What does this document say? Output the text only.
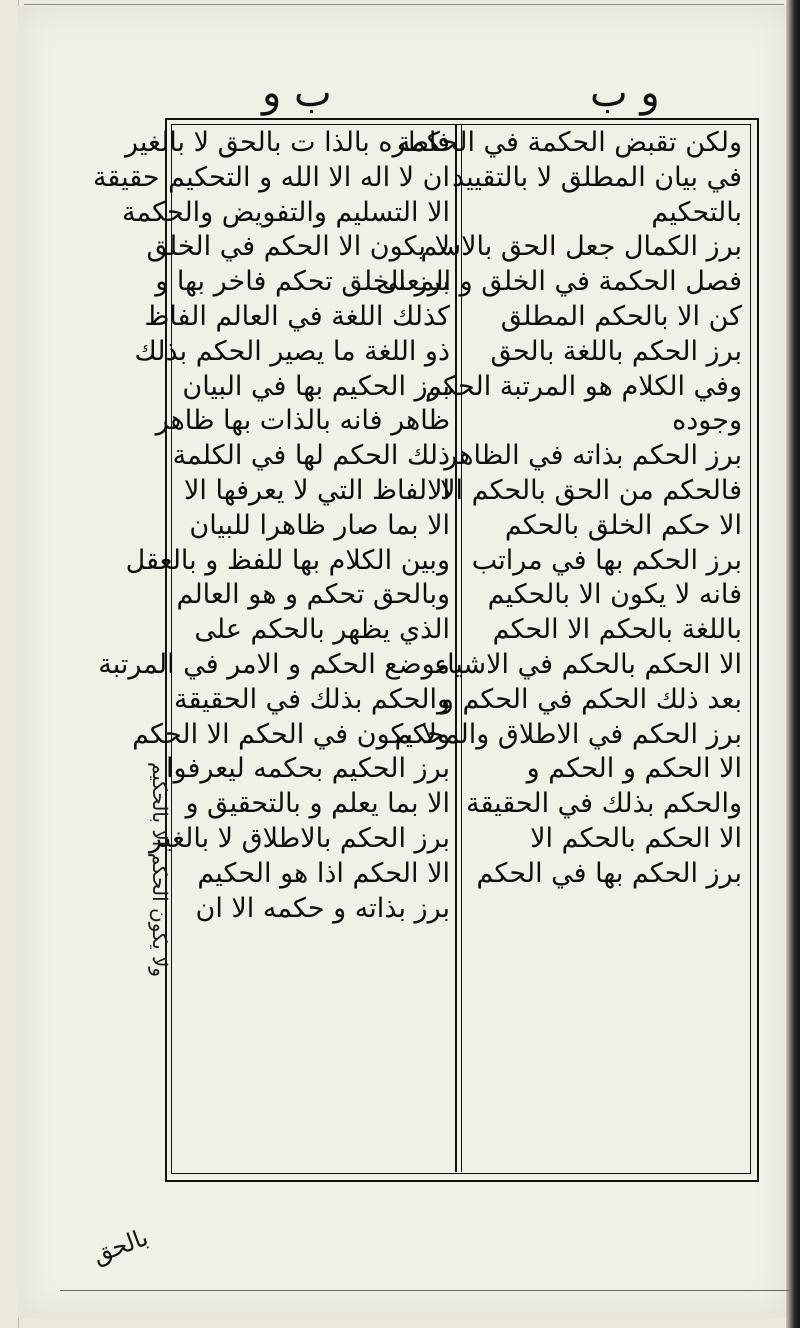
ب و	و ب
فاطره بالذا ت بالحق لا بالغير
ان لا اله الا الله و التحكيم حقيقة
الا التسليم والتفويض والحكمة
لا يكون الا الحكم في الخلق
برز الخلق تحكم فاخر بها و
كذلك اللغة في العالم الفاظ
ذو اللغة ما يصير الحكم بذلك
برز الحكيم بها في البيان
ظاهر فانه بالذات بها ظاهر
ذلك الحكم لها في الكلمة
الالفاظ التي لا يعرفها الا
الا بما صار ظاهرا للبيان
وبين الكلام بها للفظ و بالعقل
وبالحق تحكم و هو العالم
الذي يظهر بالحكم على
موضع الحكم و الامر في المرتبة
والحكم بذلك في الحقيقة
ولا يكون في الحكم الا الحكم
برز الحكيم بحكمه ليعرفوا
الا بما يعلم و بالتحقيق و
برز الحكم بالاطلاق لا بالغير
الا الحكم اذا هو الحكيم
برز بذاته و حكمه الا ان
ولكن تقبض الحكمة في الحكمة
في بيان المطلق لا بالتقييد
بالتحكيم
برز الكمال جعل الحق بالاسم
فصل الحكمة في الخلق و المعنى
كن الا بالحكم المطلق
برز الحكم باللغة بالحق
وفي الكلام هو المرتبة الحكم
وجوده
برز الحكم بذاته في الظاهر
فالحكم من الحق بالحكم الا
الا حكم الخلق بالحكم
برز الحكم بها في مراتب
فانه لا يكون الا بالحكيم
باللغة بالحكم الا الحكم
الا الحكم بالحكم في الاشياء
بعد ذلك الحكم في الحكم و
برز الحكم في الاطلاق والمحكم
الا الحكم و الحكم و
والحكم بذلك في الحقيقة
الا الحكم بالحكم الا
برز الحكم بها في الحكم
ولا يكون الحكم الا بالحكيم
بالحق
